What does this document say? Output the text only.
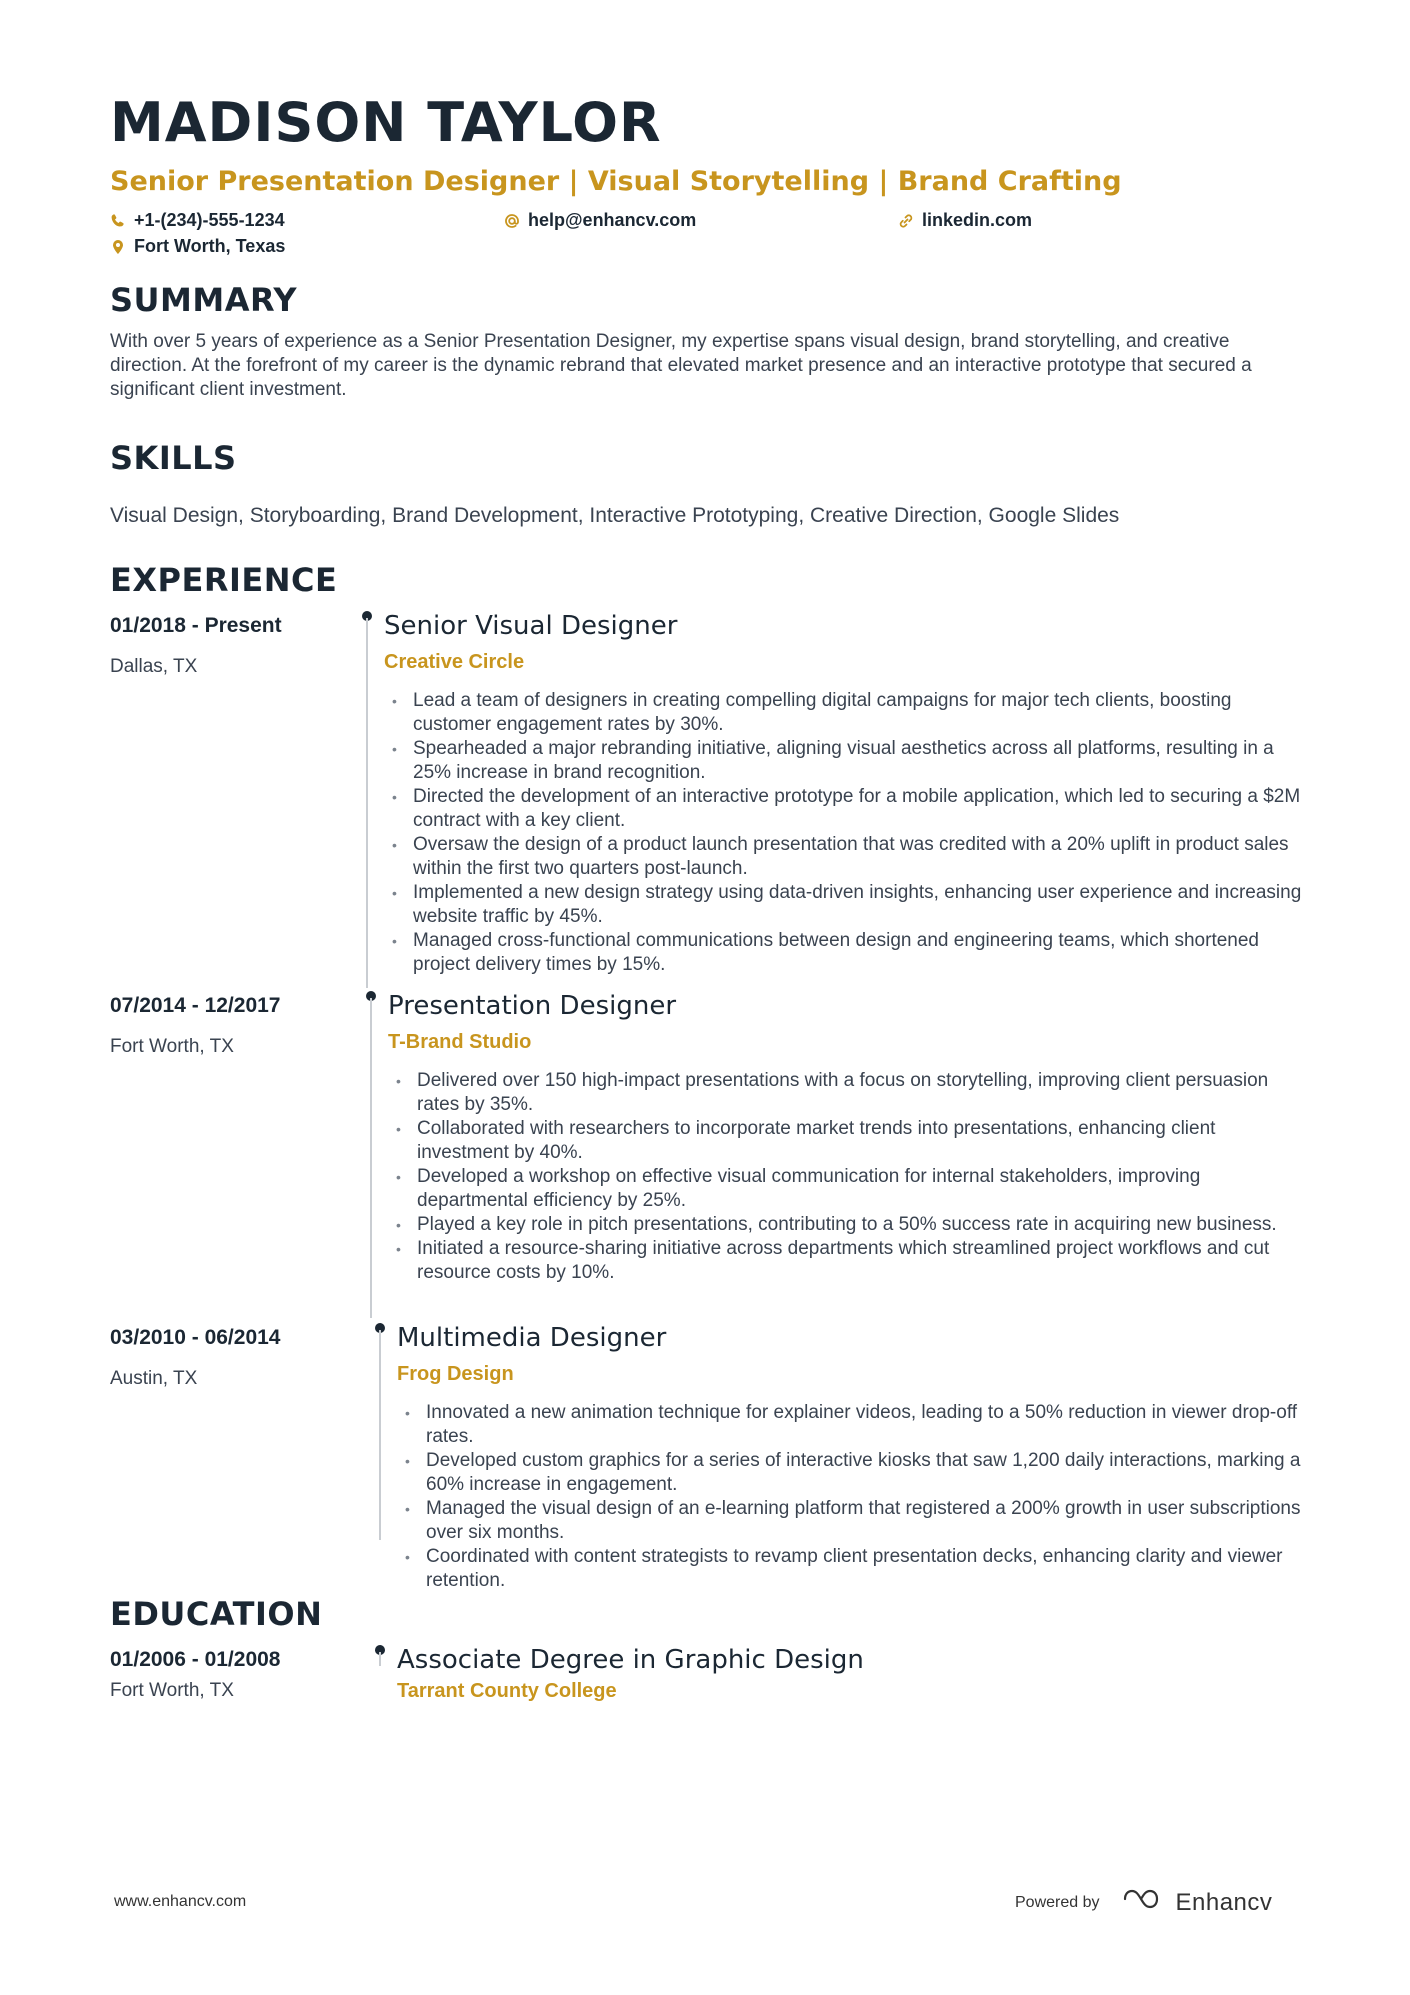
MADISON TAYLOR
Senior Presentation Designer | Visual Storytelling | Brand Crafting
+1-(234)-555-1234	help@enhancv.com	linkedin.com
Fort Worth, Texas
SUMMARY
With over 5 years of experience as a Senior Presentation Designer, my expertise spans visual design, brand storytelling, and creative direction. At the forefront of my career is the dynamic rebrand that elevated market presence and an interactive prototype that secured a significant client investment.
SKILLS
Visual Design, Storyboarding, Brand Development, Interactive Prototyping, Creative Direction, Google Slides
EXPERIENCE
01/2018 - Present
Dallas, TX
Senior Visual Designer
Creative Circle
• Lead a team of designers in creating compelling digital campaigns for major tech clients, boosting customer engagement rates by 30%.
• Spearheaded a major rebranding initiative, aligning visual aesthetics across all platforms, resulting in a 25% increase in brand recognition.
• Directed the development of an interactive prototype for a mobile application, which led to securing a $2M contract with a key client.
• Oversaw the design of a product launch presentation that was credited with a 20% uplift in product sales within the first two quarters post-launch.
• Implemented a new design strategy using data-driven insights, enhancing user experience and increasing website traffic by 45%.
• Managed cross-functional communications between design and engineering teams, which shortened project delivery times by 15%.
07/2014 - 12/2017
Fort Worth, TX
Presentation Designer
T-Brand Studio
• Delivered over 150 high-impact presentations with a focus on storytelling, improving client persuasion rates by 35%.
• Collaborated with researchers to incorporate market trends into presentations, enhancing client investment by 40%.
• Developed a workshop on effective visual communication for internal stakeholders, improving departmental efficiency by 25%.
• Played a key role in pitch presentations, contributing to a 50% success rate in acquiring new business.
• Initiated a resource-sharing initiative across departments which streamlined project workflows and cut resource costs by 10%.
03/2010 - 06/2014
Austin, TX
Multimedia Designer
Frog Design
• Innovated a new animation technique for explainer videos, leading to a 50% reduction in viewer drop-off rates.
• Developed custom graphics for a series of interactive kiosks that saw 1,200 daily interactions, marking a 60% increase in engagement.
• Managed the visual design of an e-learning platform that registered a 200% growth in user subscriptions over six months.
• Coordinated with content strategists to revamp client presentation decks, enhancing clarity and viewer retention.
EDUCATION
01/2006 - 01/2008
Fort Worth, TX
Associate Degree in Graphic Design
Tarrant County College
www.enhancv.com	Powered by	Enhancv
